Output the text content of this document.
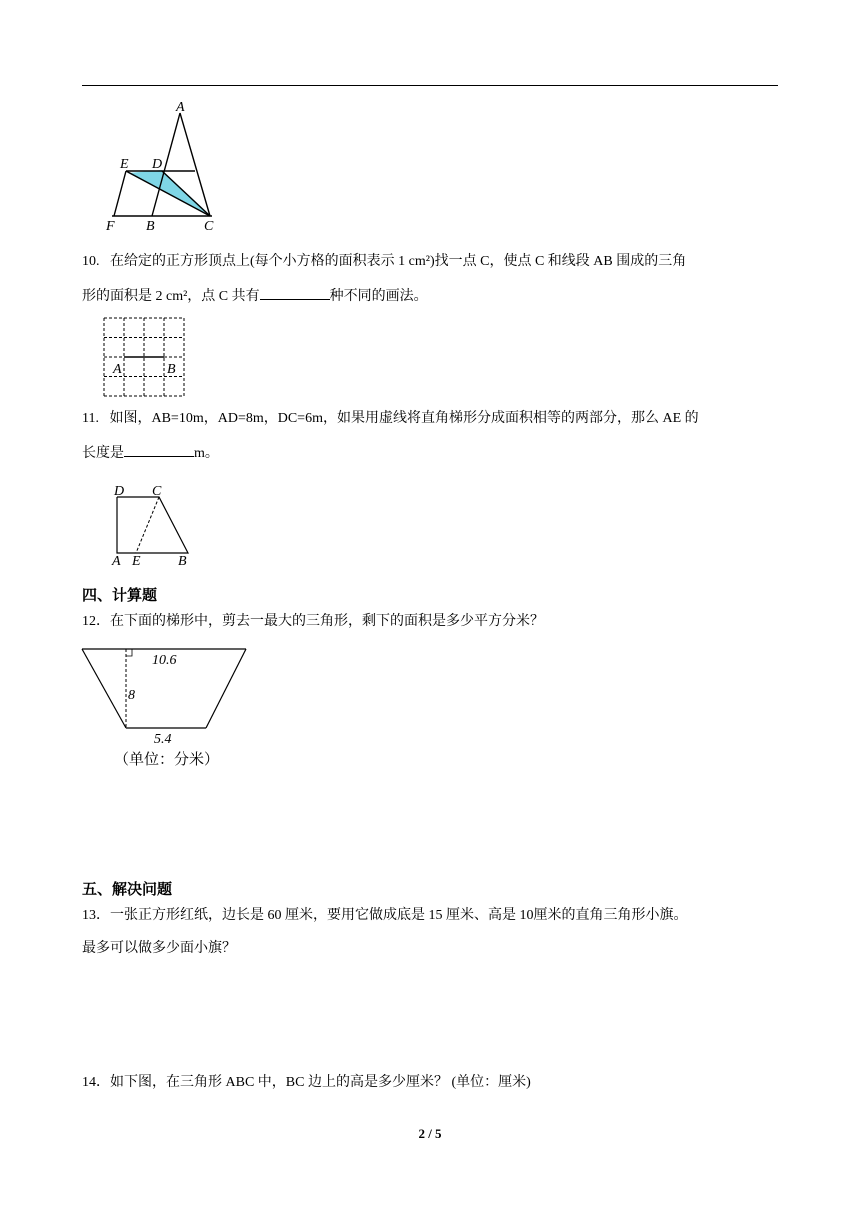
A
E D
F B	C
10. 在给定的正方形顶点上(每个小方格的面积表示 1 cm²)找一点 C，使点 C 和线段 AB 围成的三角
形的面积是 2 cm²，点 C 共有	种不同的画法。
A	B
11. 如图，AB=10m，AD=8m，DC=6m，如果用虚线将直角梯形分成面积相等的两部分，那么 AE 的
长度是	m。
D C
A E	B
四、计算题
12．在下面的梯形中，剪去一最大的三角形，剩下的面积是多少平方分米？
10.6
8
5.4
（单位：分米）
五、解决问题
13．一张正方形红纸，边长是 60 厘米，要用它做成底是 15 厘米、高是 10厘米的直角三角形小旗。
最多可以做多少面小旗？
14．如下图，在三角形 ABC 中，BC 边上的高是多少厘米？ (单位：厘米)
2 / 5
